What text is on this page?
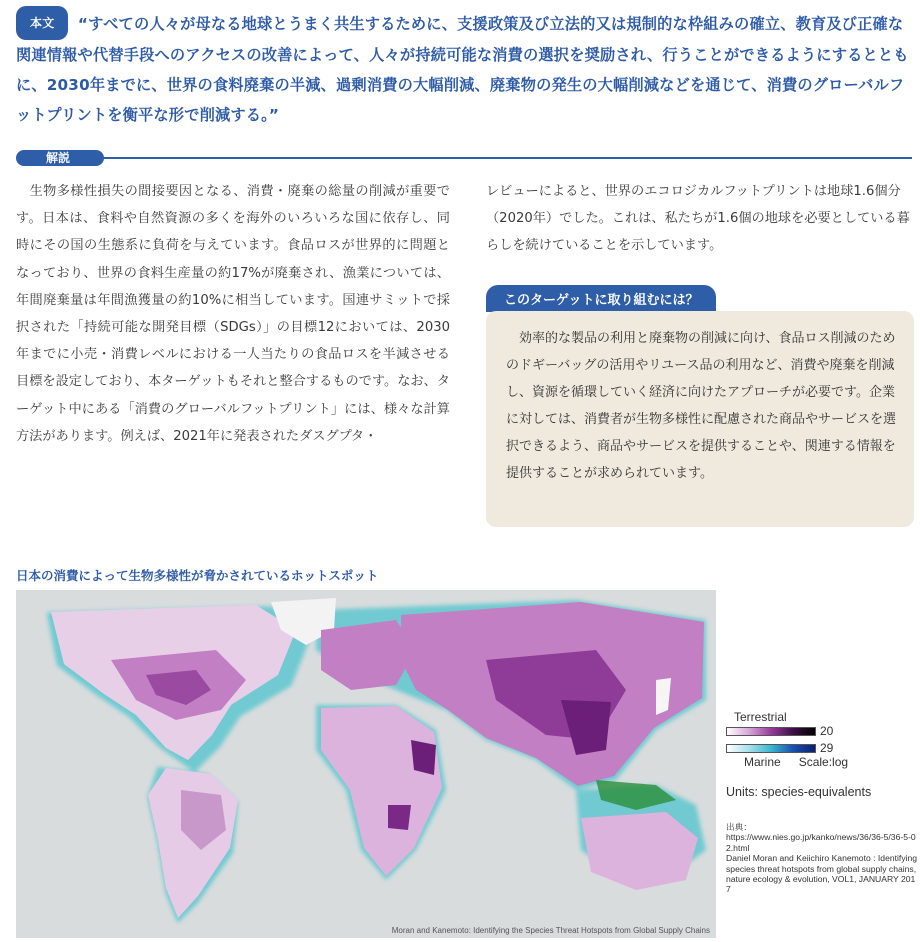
本文 “すべての人々が母なる地球とうまく共生するために、支援政策及び立法的又は規制的な枠組みの確立、教育及び正確な関連情報や代替手段へのアクセスの改善によって、人々が持続可能な消費の選択を奨励され、行うことができるようにするとともに、2030年までに、世界の食料廃棄の半減、過剰消費の大幅削減、廃棄物の発生の大幅削減などを通じて、消費のグローバルフットプリントを衡平な形で削減する。”

解説

　生物多様性損失の間接要因となる、消費・廃棄の総量の削減が重要です。日本は、食料や自然資源の多くを海外のいろいろな国に依存し、同時にその国の生態系に負荷を与えています。食品ロスが世界的に問題となっており、世界の食料生産量の約17%が廃棄され、漁業については、年間廃棄量は年間漁獲量の約10%に相当しています。国連サミットで採択された「持続可能な開発目標（SDGs）」の目標12においては、2030年までに小売・消費レベルにおける一人当たりの食品ロスを半減させる目標を設定しており、本ターゲットもそれと整合するものです。なお、ターゲット中にある「消費のグローバルフットプリント」には、様々な計算方法があります。例えば、2021年に発表されたダスグプタ・

レビューによると、世界のエコロジカルフットプリントは地球1.6個分（2020年）でした。これは、私たちが1.6個の地球を必要としている暮らしを続けていることを示しています。

このターゲットに取り組むには？

　効率的な製品の利用と廃棄物の削減に向け、食品ロス削減のためのドギーバッグの活用やリユース品の利用など、消費や廃棄を削減し、資源を循環していく経済に向けたアプローチが必要です。企業に対しては、消費者が生物多様性に配慮された商品やサービスを選択できるよう、商品やサービスを提供することや、関連する情報を提供することが求められています。

日本の消費によって生物多様性が脅かされているホットスポット
Moran and Kanemoto: Identifying the Species Threat Hotspots from Global Supply Chains
Terrestrial
20
29
Marine Scale:log
Units: species-equivalents
出典：
https://www.nies.go.jp/kanko/news/36/36-5/36-5-02.html
Daniel Moran and Keiichiro Kanemoto : Identifying species threat hotspots from global supply chains, nature ecology & evolution, VOL1, JANUARY 2017
